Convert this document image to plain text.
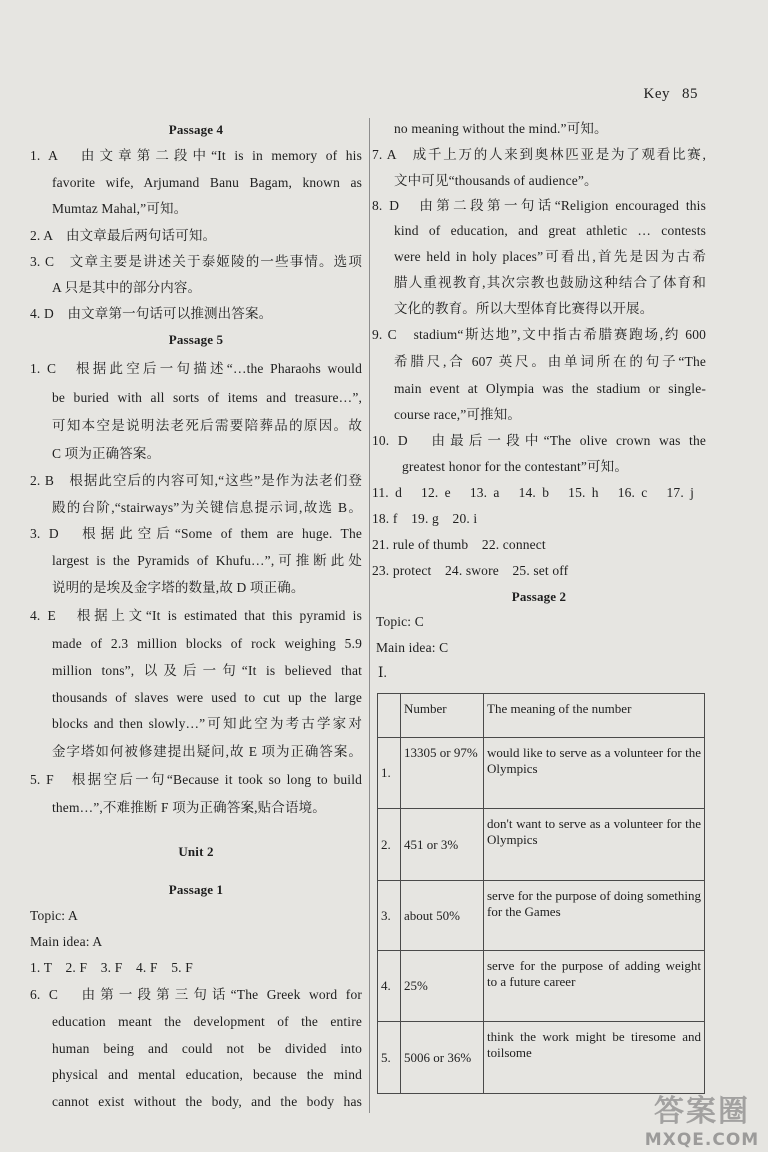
Key 85
Passage 4
1. A　由文章第二段中“It is in memory of his
favorite wife, Arjumand Banu Bagam, known as
Mumtaz Mahal,”可知。
2. A　由文章最后两句话可知。
3. C　文章主要是讲述关于泰姬陵的一些事情。选项
A 只是其中的部分内容。
4. D　由文章第一句话可以推测出答案。
Passage 5
1. C　根据此空后一句描述“…the Pharaohs would
be buried with all sorts of items and treasure…”,
可知本空是说明法老死后需要陪葬品的原因。故
C 项为正确答案。
2. B　根据此空后的内容可知,“这些”是作为法老们登
殿的台阶,“stairways”为关键信息提示词,故选 B。
3. D　根据此空后“Some of them are huge. The
largest is the Pyramids of Khufu…”,可推断此处
说明的是埃及金字塔的数量,故 D 项正确。
4. E　根据上文“It is estimated that this pyramid is
made of 2.3 million blocks of rock weighing 5.9
million tons”, 以及后一句“It is believed that
thousands of slaves were used to cut up the large
blocks and then slowly…”可知此空为考古学家对
金字塔如何被修建提出疑问,故 E 项为正确答案。
5. F　根据空后一句“Because it took so long to build
them…”,不难推断 F 项为正确答案,贴合语境。
Unit 2
Passage 1
Topic: A
Main idea: A
1. T　2. F　3. F　4. F　5. F
6. C　由第一段第三句话“The Greek word for
education meant the development of the entire
human being and could not be divided into
physical and mental education, because the mind
cannot exist without the body, and the body has
no meaning without the mind.”可知。
7. A　成千上万的人来到奥林匹亚是为了观看比赛,
文中可见“thousands of audience”。
8. D　由第二段第一句话“Religion encouraged this
kind of education, and great athletic … contests
were held in holy places”可看出,首先是因为古希
腊人重视教育,其次宗教也鼓励这种结合了体育和
文化的教育。所以大型体育比赛得以开展。
9. C　stadium“斯达地”,文中指古希腊赛跑场,约 600
希腊尺,合 607 英尺。由单词所在的句子“The
main event at Olympia was the stadium or single-
course race,”可推知。
10. D　由最后一段中“The olive crown was the
greatest honor for the contestant”可知。
11. d　12. e　13. a　14. b　15. h　16. c　17. j
18. f　19. g　20. i
21. rule of thumb　22. connect
23. protect　24. swore　25. set off
Passage 2
Topic: C
Main idea: C
Ⅰ.
	Number	The meaning of the number
1.	13305 or 97%	would like to serve as a volunteer for the Olympics
2.	451 or 3%	don't want to serve as a volunteer for the Olympics
3.	about 50%	serve for the purpose of doing something for the Games
4.	25%	serve for the purpose of adding weight to a future career
5.	5006 or 36%	think the work might be tiresome and toilsome
答案圈
MXQE.COM
